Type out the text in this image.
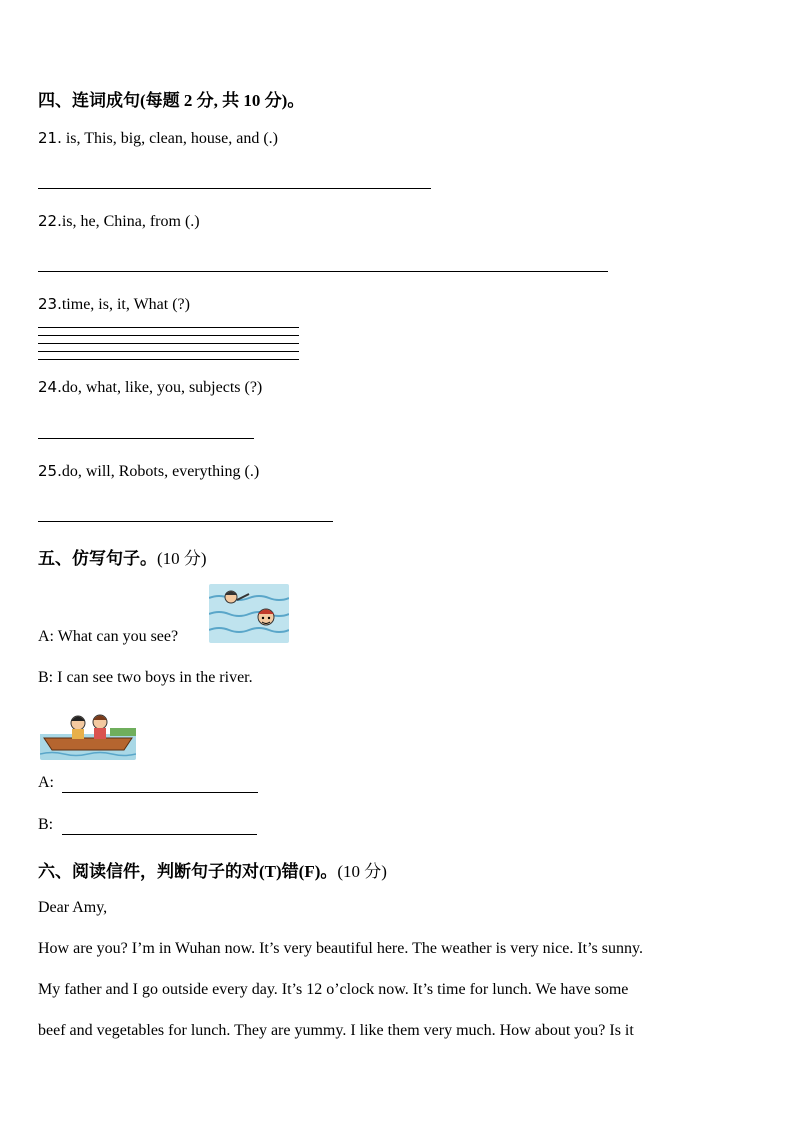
四、连词成句(每题 2 分, 共 10 分)。
21. is, This, big, clean, house, and (.)
22.is, he, China, from (.)
23.time, is, it, What (?)
24.do, what, like, you, subjects (?)
25.do, will, Robots, everything (.)
五、仿写句子。(10 分)
A: What can you see?
B: I can see two boys in the river.
A:
B:
六、阅读信件，判断句子的对(T)错(F)。(10 分)
Dear Amy,
How are you? I’m in Wuhan now. It’s very beautiful here. The weather is very nice. It’s sunny.
My father and I go outside every day. It’s 12 o’clock now. It’s time for lunch. We have some
beef and vegetables for lunch. They are yummy. I like them very much. How about you? Is it
